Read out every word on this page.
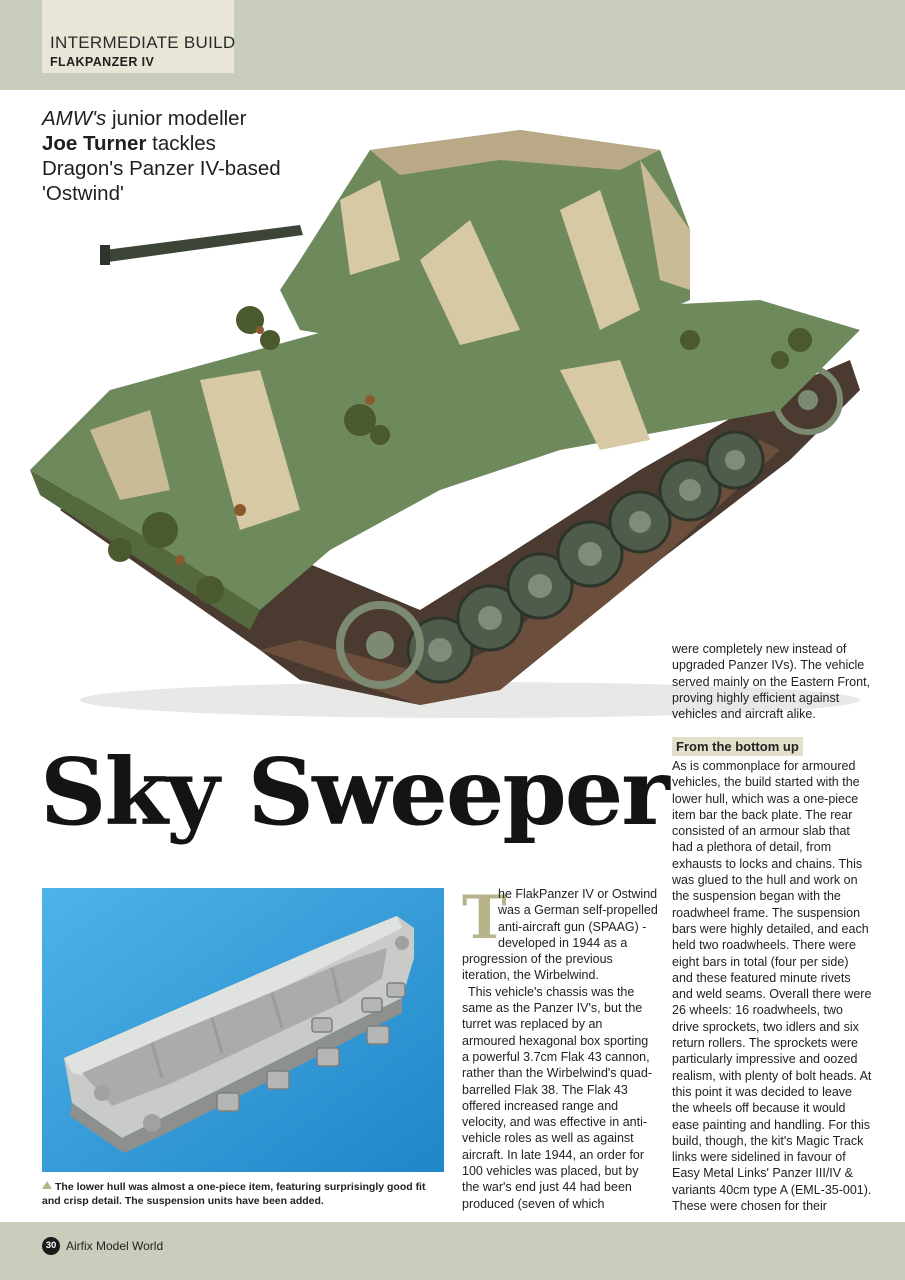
INTERMEDIATE BUILD
FLAKPANZER IV
AMW's junior modeller Joe Turner tackles Dragon's Panzer IV-based 'Ostwind'

were completely new instead of upgraded Panzer IVs). The vehicle served mainly on the Eastern Front, proving highly efficient against vehicles and aircraft alike.

Sky Sweeper From the bottom up

As is commonplace for armoured vehicles, the build started with the lower hull, which was a one-piece item bar the back plate. The rear consisted of an armour slab that had a plethora of detail, from exhausts to locks and chains. This was glued to the hull and work on the suspension began with the roadwheel frame. The suspension bars were highly detailed, and each held two roadwheels. There were eight bars in total (four per side) and these featured minute rivets and weld seams. Overall there were 26 wheels: 16 roadwheels, two drive sprockets, two idlers and six return rollers. The sprockets were particularly impressive and oozed realism, with plenty of bolt heads. At this point it was decided to leave the wheels off because it would ease painting and handling. For this build, though, the kit's Magic Track links were sidelined in favour of Easy Metal Links' Panzer III/IV & variants 40cm type A (EML-35-001). These were chosen for their

The lower hull was almost a one-piece item, featuring surprisingly good fit and crisp detail. The suspension units have been added.
T

he FlakPanzer IV or Ostwind was a German self-propelled anti-aircraft gun (SPAAG) - developed in 1944 as a progression of the previous iteration, the Wirbelwind.

This vehicle's chassis was the same as the Panzer IV's, but the turret was replaced by an armoured hexagonal box sporting a powerful 3.7cm Flak 43 cannon, rather than the Wirbelwind's quad-barrelled Flak 38. The Flak 43 offered increased range and velocity, and was effective in anti-vehicle roles as well as against aircraft. In late 1944, an order for 100 vehicles was placed, but by the war's end just 44 had been produced (seven of which

30 Airfix Model World
